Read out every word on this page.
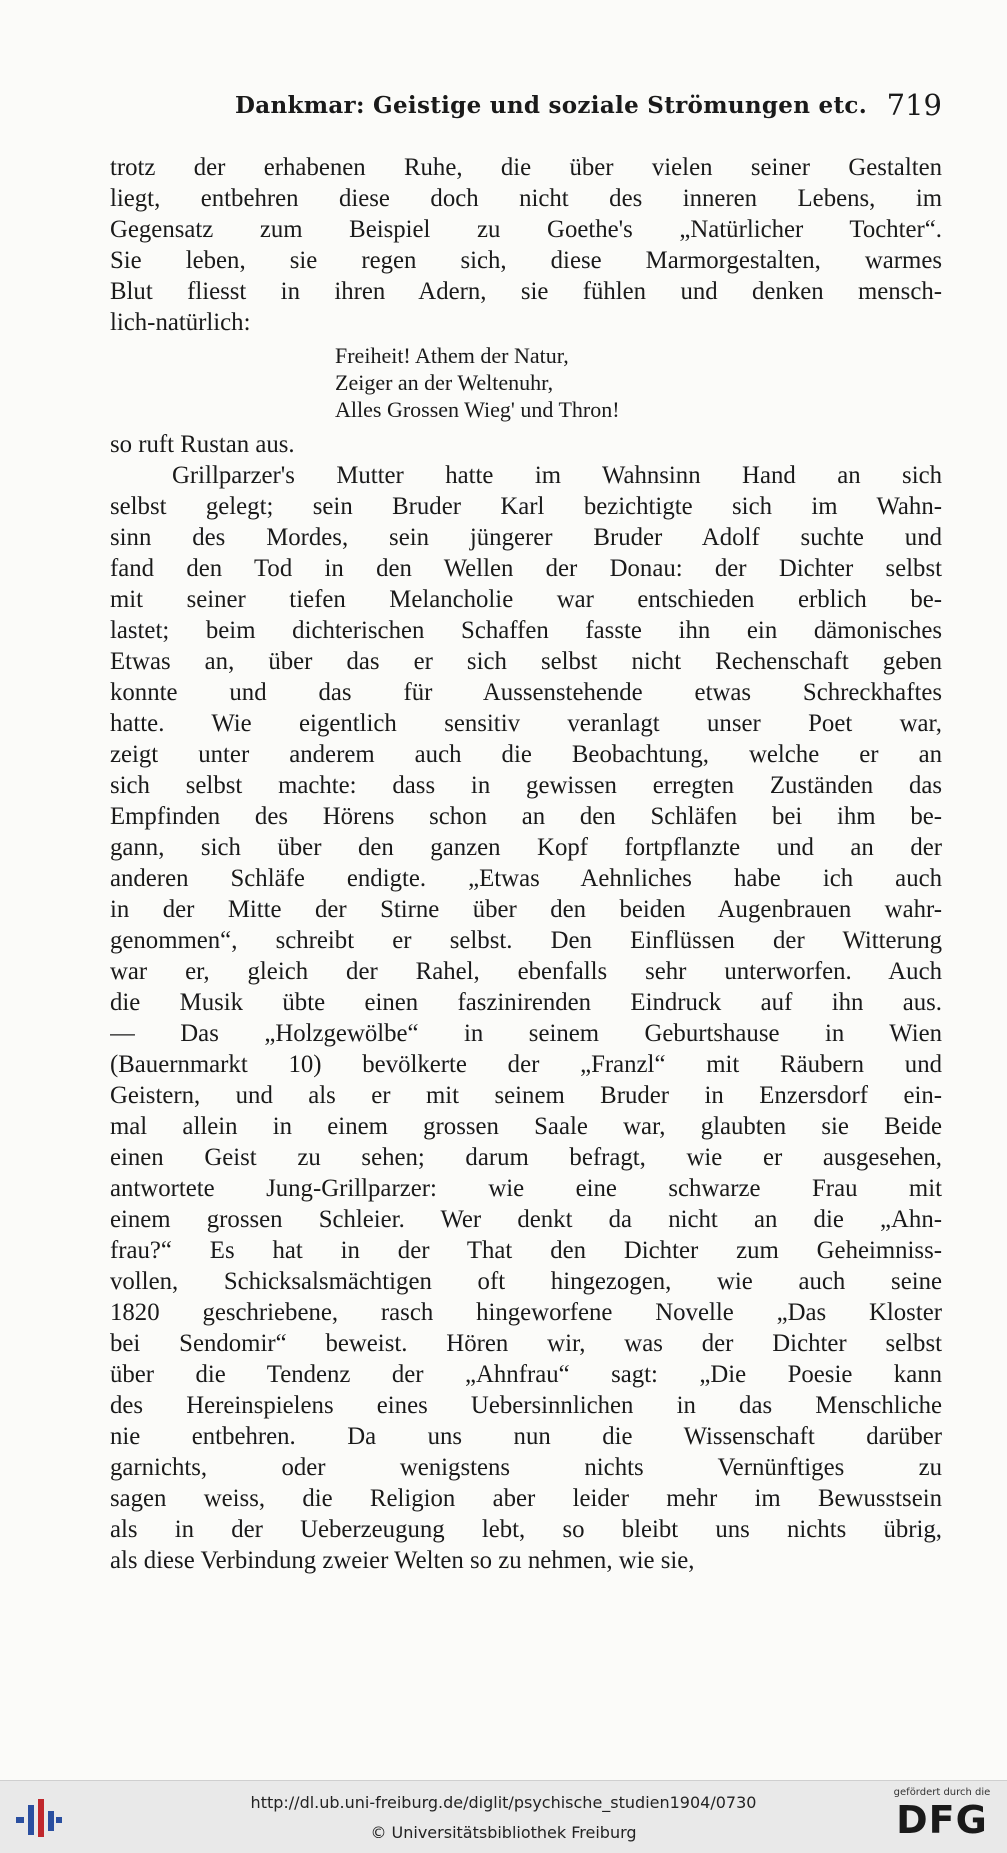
Dankmar: Geistige und soziale Strömungen etc. 719
trotz der erhabenen Ruhe, die über vielen seiner Gestalten
liegt, entbehren diese doch nicht des inneren Lebens, im
Gegensatz zum Beispiel zu Goethe's „Natürlicher Tochter“.
Sie leben, sie regen sich, diese Marmorgestalten, warmes
Blut fliesst in ihren Adern, sie fühlen und denken mensch-
lich-natürlich:
Freiheit! Athem der Natur,
Zeiger an der Weltenuhr,
Alles Grossen Wieg' und Thron!
so ruft Rustan aus.
Grillparzer's Mutter hatte im Wahnsinn Hand an sich
selbst gelegt; sein Bruder Karl bezichtigte sich im Wahn-
sinn des Mordes, sein jüngerer Bruder Adolf suchte und
fand den Tod in den Wellen der Donau: der Dichter selbst
mit seiner tiefen Melancholie war entschieden erblich be-
lastet; beim dichterischen Schaffen fasste ihn ein dämonisches
Etwas an, über das er sich selbst nicht Rechenschaft geben
konnte und das für Aussenstehende etwas Schreckhaftes
hatte. Wie eigentlich sensitiv veranlagt unser Poet war,
zeigt unter anderem auch die Beobachtung, welche er an
sich selbst machte: dass in gewissen erregten Zuständen das
Empfinden des Hörens schon an den Schläfen bei ihm be-
gann, sich über den ganzen Kopf fortpflanzte und an der
anderen Schläfe endigte. „Etwas Aehnliches habe ich auch
in der Mitte der Stirne über den beiden Augenbrauen wahr-
genommen“, schreibt er selbst. Den Einflüssen der Witterung
war er, gleich der Rahel, ebenfalls sehr unterworfen. Auch
die Musik übte einen faszinirenden Eindruck auf ihn aus.
— Das „Holzgewölbe“ in seinem Geburtshause in Wien
(Bauernmarkt 10) bevölkerte der „Franzl“ mit Räubern und
Geistern, und als er mit seinem Bruder in Enzersdorf ein-
mal allein in einem grossen Saale war, glaubten sie Beide
einen Geist zu sehen; darum befragt, wie er ausgesehen,
antwortete Jung-Grillparzer: wie eine schwarze Frau mit
einem grossen Schleier. Wer denkt da nicht an die „Ahn-
frau?“ Es hat in der That den Dichter zum Geheimniss-
vollen, Schicksalsmächtigen oft hingezogen, wie auch seine
1820 geschriebene, rasch hingeworfene Novelle „Das Kloster
bei Sendomir“ beweist. Hören wir, was der Dichter selbst
über die Tendenz der „Ahnfrau“ sagt: „Die Poesie kann
des Hereinspielens eines Uebersinnlichen in das Menschliche
nie entbehren. Da uns nun die Wissenschaft darüber
garnichts, oder wenigstens nichts Vernünftiges zu
sagen weiss, die Religion aber leider mehr im Bewusstsein
als in der Ueberzeugung lebt, so bleibt uns nichts übrig,
als diese Verbindung zweier Welten so zu nehmen, wie sie,
http://dl.ub.uni-freiburg.de/diglit/psychische_studien1904/0730
© Universitätsbibliothek Freiburg
gefördert durch die
DFG
